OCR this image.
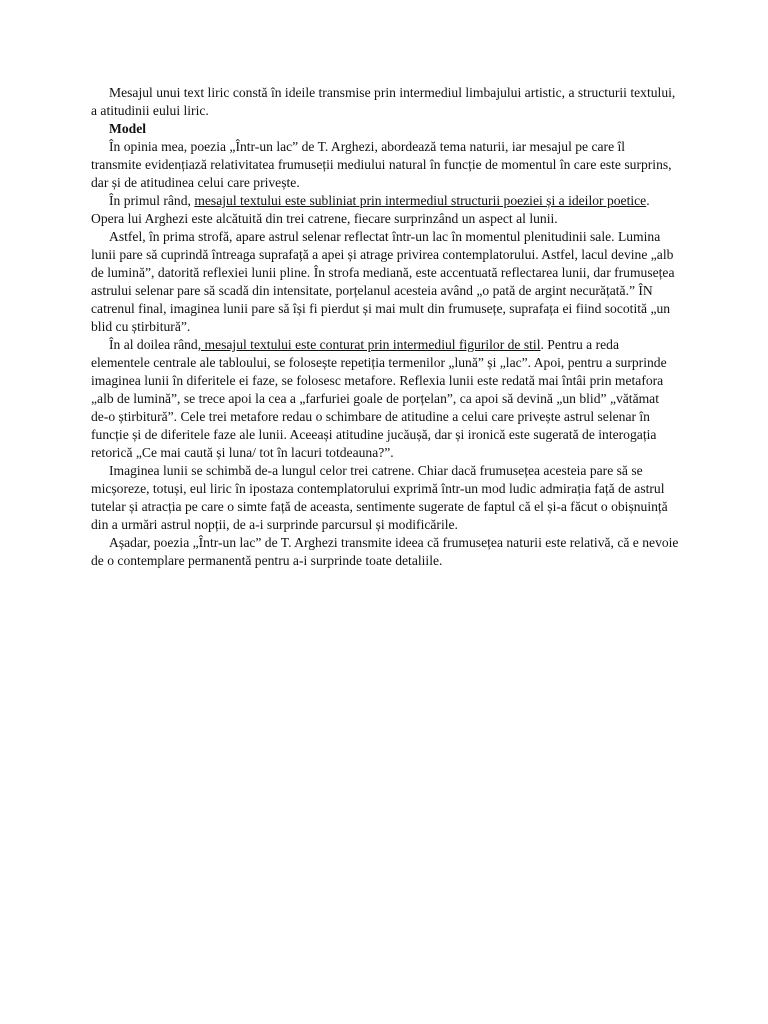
Mesajul unui text liric constă în ideile transmise prin intermediul limbajului artistic, a structurii textului, a atitudinii eului liric.

Model

În opinia mea, poezia „Într-un lac” de T. Arghezi, abordează tema naturii, iar mesajul pe care îl transmite evidențiază relativitatea frumuseții mediului natural în funcție de momentul în care este surprins, dar și de atitudinea celui care privește.

În primul rând, mesajul textului este subliniat prin intermediul structurii poeziei și a ideilor poetice. Opera lui Arghezi este alcătuită din trei catrene, fiecare surprinzând un aspect al lunii.

Astfel, în prima strofă, apare astrul selenar reflectat într-un lac în momentul plenitudinii sale. Lumina lunii pare să cuprindă întreaga suprafață a apei și atrage privirea contemplatorului. Astfel, lacul devine „alb de lumină”, datorită reflexiei lunii pline. În strofa mediană, este accentuată reflectarea lunii, dar frumusețea astrului selenar pare să scadă din intensitate, porțelanul acesteia având „o pată de argint necurățată.” ÎN catrenul final, imaginea lunii pare să își fi pierdut și mai mult din frumusețe, suprafața ei fiind socotită „un blid cu știrbitură”.

În al doilea rând, mesajul textului este conturat prin intermediul figurilor de stil. Pentru a reda elementele centrale ale tabloului, se folosește repetiția termenilor „lună” și „lac”. Apoi, pentru a surprinde imaginea lunii în diferitele ei faze, se folosesc metafore. Reflexia lunii este redată mai întâi prin metafora „alb de lumină”, se trece apoi la cea a „farfuriei goale de porțelan”, ca apoi să devină „un blid” „vătămat de-o știrbitură”. Cele trei metafore redau o schimbare de atitudine a celui care privește astrul selenar în funcție și de diferitele faze ale lunii. Aceeași atitudine jucăușă, dar și ironică este sugerată de interogația retorică „Ce mai caută și luna/ tot în lacuri totdeauna?”.

Imaginea lunii se schimbă de-a lungul celor trei catrene. Chiar dacă frumusețea acesteia pare să se micșoreze, totuși, eul liric în ipostaza contemplatorului exprimă într-un mod ludic admirația față de astrul tutelar și atracția pe care o simte față de aceasta, sentimente sugerate de faptul că el și-a făcut o obișnuință din a urmări astrul nopții, de a-i surprinde parcursul și modificările.

Așadar, poezia „Într-un lac” de T. Arghezi transmite ideea că frumusețea naturii este relativă, că e nevoie de o contemplare permanentă pentru a-i surprinde toate detaliile.
